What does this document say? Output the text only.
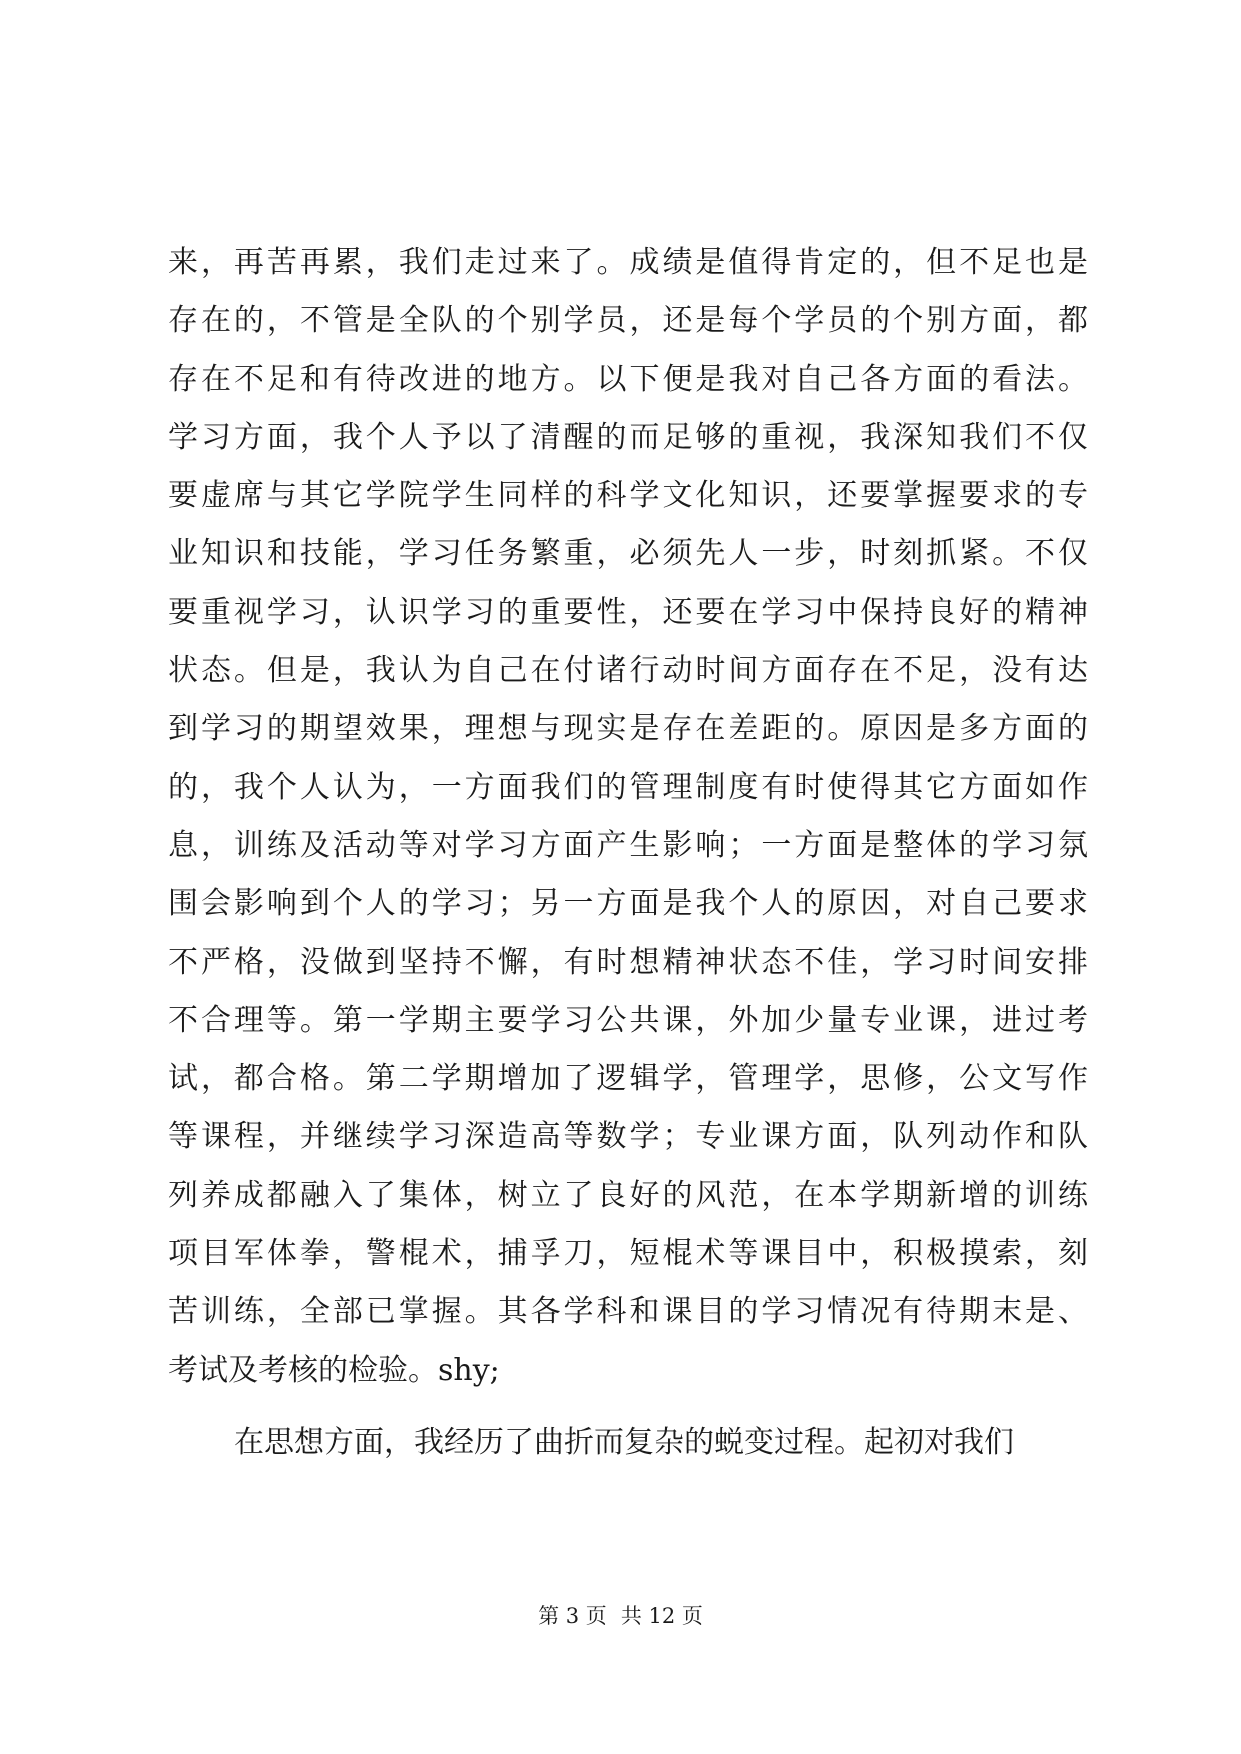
来，再苦再累，我们走过来了。成绩是值得肯定的，但不足也是
存在的，不管是全队的个别学员，还是每个学员的个别方面，都
存在不足和有待改进的地方。以下便是我对自己各方面的看法。
学习方面，我个人予以了清醒的而足够的重视，我深知我们不仅
要虚席与其它学院学生同样的科学文化知识，还要掌握要求的专
业知识和技能，学习任务繁重，必须先人一步，时刻抓紧。不仅
要重视学习，认识学习的重要性，还要在学习中保持良好的精神
状态。但是，我认为自己在付诸行动时间方面存在不足，没有达
到学习的期望效果，理想与现实是存在差距的。原因是多方面的
的，我个人认为，一方面我们的管理制度有时使得其它方面如作
息，训练及活动等对学习方面产生影响；一方面是整体的学习氛
围会影响到个人的学习；另一方面是我个人的原因，对自己要求
不严格，没做到坚持不懈，有时想精神状态不佳，学习时间安排
不合理等。第一学期主要学习公共课，外加少量专业课，进过考
试，都合格。第二学期增加了逻辑学，管理学，思修，公文写作
等课程，并继续学习深造高等数学；专业课方面，队列动作和队
列养成都融入了集体，树立了良好的风范，在本学期新增的训练
项目军体拳，警棍术，捕孚刀，短棍术等课目中，积极摸索，刻
苦训练，全部已掌握。其各学科和课目的学习情况有待期末是、
考试及考核的检验。shy;
在思想方面，我经历了曲折而复杂的蜕变过程。起初对我们
第 3 页 共 12 页
